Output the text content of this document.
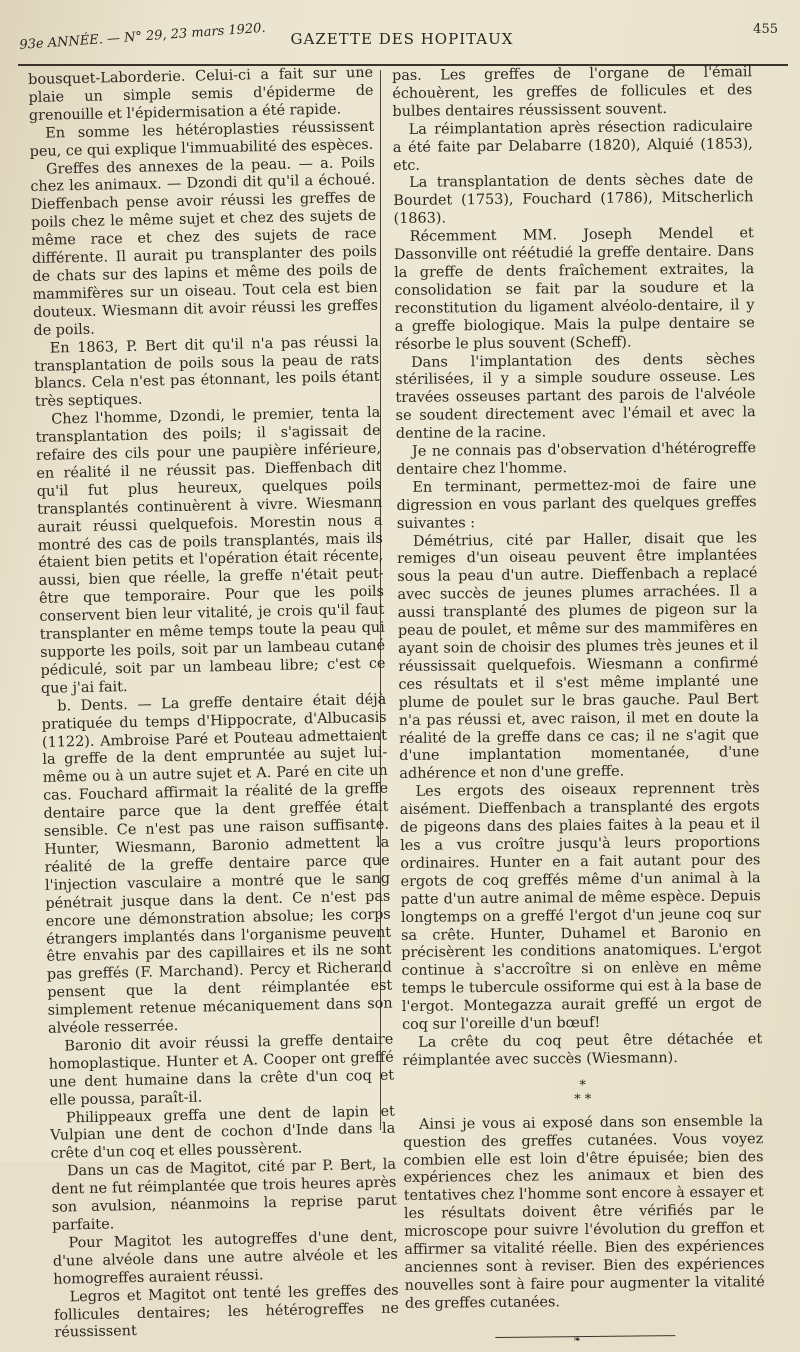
93e ANNÉE. — N° 29, 23 mars 1920.	GAZETTE DES HOPITAUX
455

bousquet-Laborderie. Celui-ci a fait sur une plaie un simple semis d'épiderme de grenouille et l'épidermisation a été rapide.

En somme les hétéroplasties réussissent peu, ce qui explique l'immuabilité des espèces.

Greffes des annexes de la peau. — a. Poils chez les animaux. — Dzondi dit qu'il a échoué. Dieffenbach pense avoir réussi les greffes de poils chez le même sujet et chez des sujets de même race et chez des sujets de race différente. Il aurait pu transplanter des poils de chats sur des lapins et même des poils de mammifères sur un oiseau. Tout cela est bien douteux. Wiesmann dit avoir réussi les greffes de poils.

En 1863, P. Bert dit qu'il n'a pas réussi la transplantation de poils sous la peau de rats blancs. Cela n'est pas étonnant, les poils étant très septiques.

Chez l'homme, Dzondi, le premier, tenta la transplantation des poils; il s'agissait de refaire des cils pour une paupière inférieure, en réalité il ne réussit pas. Dieffenbach dit qu'il fut plus heureux, quelques poils transplantés continuèrent à vivre. Wiesmann aurait réussi quelquefois. Morestin nous a montré des cas de poils transplantés, mais ils étaient bien petits et l'opération était récente, aussi, bien que réelle, la greffe n'était peut-être que temporaire. Pour que les poils conservent bien leur vitalité, je crois qu'il faut transplanter en même temps toute la peau qui supporte les poils, soit par un lambeau cutané pédiculé, soit par un lambeau libre; c'est ce que j'ai fait.

b. Dents. — La greffe dentaire était déjà pratiquée du temps d'Hippocrate, d'Albucasis (1122). Ambroise Paré et Pouteau admettaient la greffe de la dent empruntée au sujet lui-même ou à un autre sujet et A. Paré en cite un cas. Fouchard affirmait la réalité de la greffe dentaire parce que la dent greffée était sensible. Ce n'est pas une raison suffisante. Hunter, Wiesmann, Baronio admettent la réalité de la greffe dentaire parce que l'injection vasculaire a montré que le sang pénétrait jusque dans la dent. Ce n'est pas encore une démonstration absolue; les corps étrangers implantés dans l'organisme peuvent être envahis par des capillaires et ils ne sont pas greffés (F. Marchand). Percy et Richerand pensent que la dent réimplantée est simplement retenue mécaniquement dans son alvéole resserrée.

Baronio dit avoir réussi la greffe dentaire homoplastique. Hunter et A. Cooper ont greffé une dent humaine dans la crête d'un coq et elle poussa, paraît-il.

Philippeaux greffa une dent de lapin et Vulpian une dent de cochon d'Inde dans la crête d'un coq et elles poussèrent.

Dans un cas de Magitot, cité par P. Bert, la dent ne fut réimplantée que trois heures après son avulsion, néanmoins la reprise parut parfaite.

Pour Magitot les autogreffes d'une dent, d'une alvéole dans une autre alvéole et les homogreffes auraient réussi.

Legros et Magitot ont tenté les greffes des follicules dentaires; les hétérogreffes ne réussissent

pas. Les greffes de l'organe de l'émail échouèrent, les greffes de follicules et des bulbes dentaires réussissent souvent.

La réimplantation après résection radiculaire a été faite par Delabarre (1820), Alquié (1853), etc.

La transplantation de dents sèches date de Bourdet (1753), Fouchard (1786), Mitscherlich (1863).

Récemment MM. Joseph Mendel et Dassonville ont réétudié la greffe dentaire. Dans la greffe de dents fraîchement extraites, la consolidation se fait par la soudure et la reconstitution du ligament alvéolo-dentaire, il y a greffe biologique. Mais la pulpe dentaire se résorbe le plus souvent (Scheff).

Dans l'implantation des dents sèches stérilisées, il y a simple soudure osseuse. Les travées osseuses partant des parois de l'alvéole se soudent directement avec l'émail et avec la dentine de la racine.

Je ne connais pas d'observation d'hétérogreffe dentaire chez l'homme.

En terminant, permettez-moi de faire une digression en vous parlant des quelques greffes suivantes :

Démétrius, cité par Haller, disait que les remiges d'un oiseau peuvent être implantées sous la peau d'un autre. Dieffenbach a replacé avec succès de jeunes plumes arrachées. Il a aussi transplanté des plumes de pigeon sur la peau de poulet, et même sur des mammifères en ayant soin de choisir des plumes très jeunes et il réussissait quelquefois. Wiesmann a confirmé ces résultats et il s'est même implanté une plume de poulet sur le bras gauche. Paul Bert n'a pas réussi et, avec raison, il met en doute la réalité de la greffe dans ce cas; il ne s'agit que d'une implantation momentanée, d'une adhérence et non d'une greffe.

Les ergots des oiseaux reprennent très aisément. Dieffenbach a transplanté des ergots de pigeons dans des plaies faites à la peau et il les a vus croître jusqu'à leurs proportions ordinaires. Hunter en a fait autant pour des ergots de coq greffés même d'un animal à la patte d'un autre animal de même espèce. Depuis longtemps on a greffé l'ergot d'un jeune coq sur sa crête. Hunter, Duhamel et Baronio en précisèrent les conditions anatomiques. L'ergot continue à s'accroître si on enlève en même temps le tubercule ossiforme qui est à la base de l'ergot. Montegazza aurait greffé un ergot de coq sur l'oreille d'un bœuf!

La crête du coq peut être détachée et réimplantée avec succès (Wiesmann).

*
* *

Ainsi je vous ai exposé dans son ensemble la question des greffes cutanées. Vous voyez combien elle est loin d'être épuisée; bien des expériences chez les animaux et bien des tentatives chez l'homme sont encore à essayer et les résultats doivent être vérifiés par le microscope pour suivre l'évolution du greffon et affirmer sa vitalité réelle. Bien des expériences anciennes sont à reviser. Bien des expériences nouvelles sont à faire pour augmenter la vitalité des greffes cutanées.

❧
